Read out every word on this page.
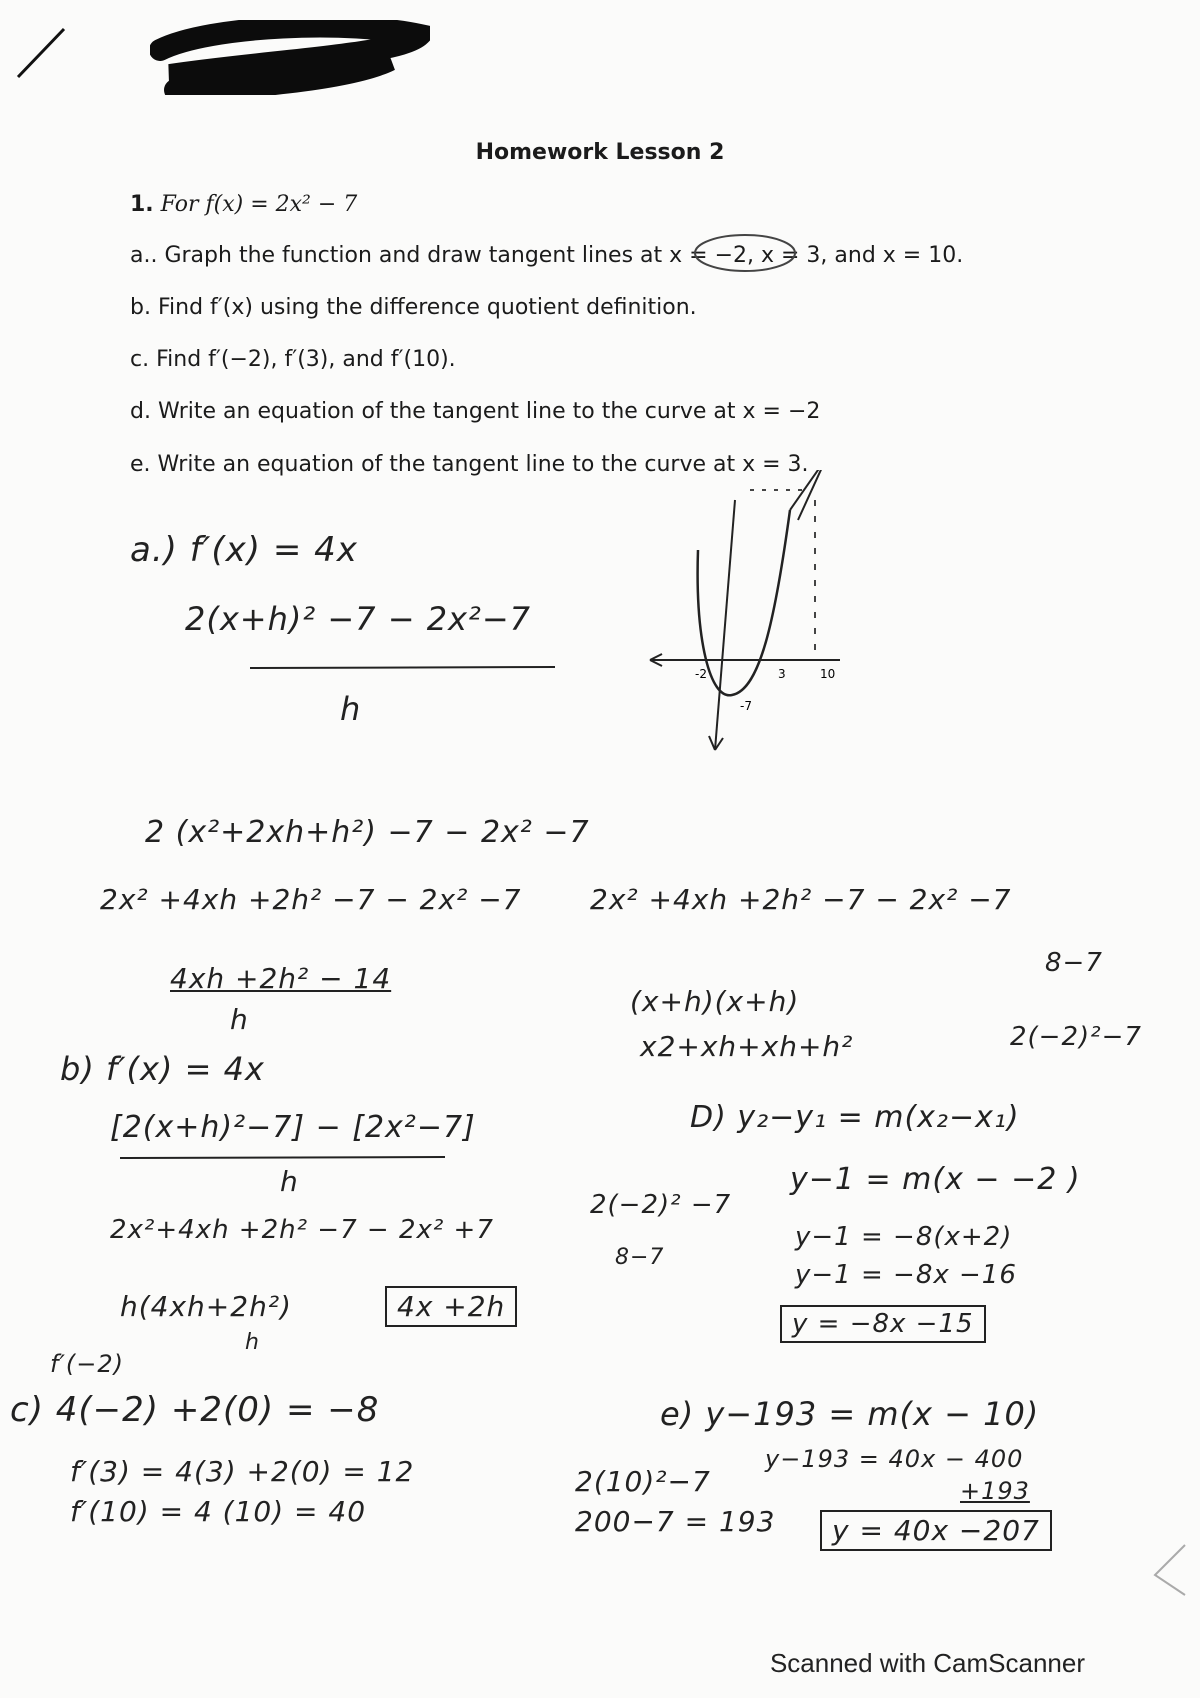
Homework Lesson 2
1. For f(x) = 2x² − 7
a.. Graph the function and draw tangent lines at x = −2, x = 3, and x = 10.
b. Find f′(x) using the difference quotient definition.
c. Find f′(−2), f′(3), and f′(10).
d. Write an equation of the tangent line to the curve at x = −2
e. Write an equation of the tangent line to the curve at x = 3.
a.) f′(x) = 4x
2(x+h)² −7 − 2x²−7
h
-2	3	10
-7
2 (x²+2xh+h²) −7 − 2x² −7
2x² +4xh +2h² −7 − 2x² −7 2x² +4xh +2h² −7 − 2x² −7
4xh +2h² − 14
h
(x+h)(x+h)
x2+xh+xh+h²
8−7
2(−2)²−7
b) f′(x) = 4x
[2(x+h)²−7] − [2x²−7]
h
2x²+4xh +2h² −7 − 2x² +7
h(4xh+2h²)
h
4x +2h
D) y₂−y₁ = m(x₂−x₁)
y−1 = m(x − −2 )
y−1 = −8(x+2)
y−1 = −8x −16
y = −8x −15
2(−2)² −7
8−7
f′(−2)
c) 4(−2) +2(0) = −8
f′(3) = 4(3) +2(0) = 12
f′(10) = 4 (10) = 40
e) y−193 = m(x − 10)
y−193 = 40x − 400
+193
y = 40x −207
2(10)²−7
200−7 = 193
Scanned with CamScanner
